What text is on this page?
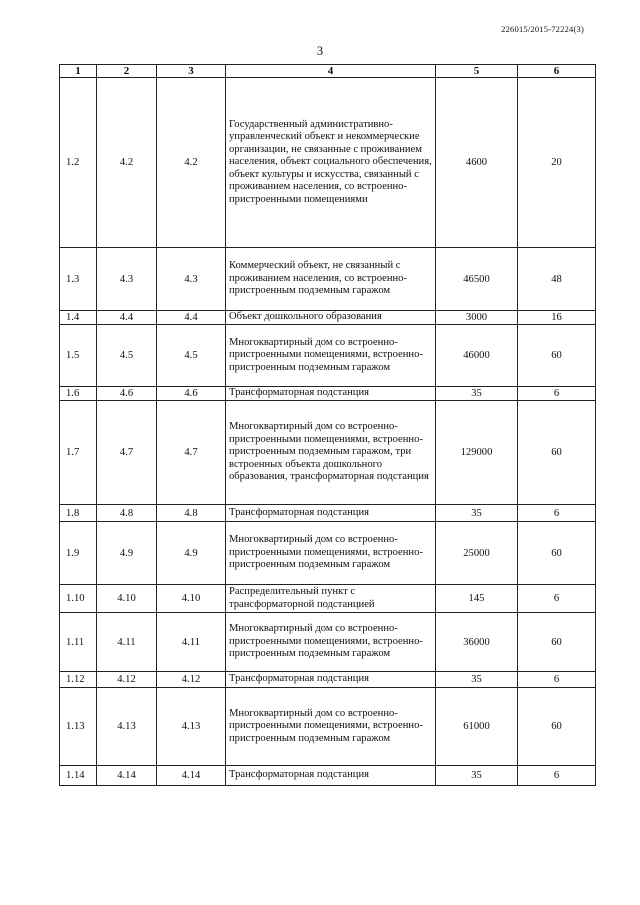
226015/2015-72224(3)
3
1	2	3	4	5	6
1.2	4.2	4.2	Государственный административно-управленческий объект и некоммерческие организации, не связанные с проживанием населения, объект социального обеспечения, объект культуры и искусства, связанный с проживанием населения, со встроенно-пристроенными помещениями	4600	20
1.3	4.3	4.3	Коммерческий объект, не связанный с проживанием населения, со встроенно-пристроенным подземным гаражом	46500	48
1.4	4.4	4.4	Объект дошкольного образования	3000	16
1.5	4.5	4.5	Многоквартирный дом со встроенно-пристроенными помещениями, встроенно-пристроенным подземным гаражом	46000	60
1.6	4.6	4.6	Трансформаторная подстанция	35	6
1.7	4.7	4.7	Многоквартирный дом со встроенно-пристроенными помещениями, встроенно-пристроенным подземным гаражом, три встроенных объекта дошкольного образования, трансформаторная подстанция	129000	60
1.8	4.8	4.8	Трансформаторная подстанция	35	6
1.9	4.9	4.9	Многоквартирный дом со встроенно-пристроенными помещениями, встроенно-пристроенным подземным гаражом	25000	60
1.10	4.10	4.10	Распределительный пункт с трансформаторной подстанцией	145	6
1.11	4.11	4.11	Многоквартирный дом со встроенно-пристроенными помещениями, встроенно-пристроенным подземным гаражом	36000	60
1.12	4.12	4.12	Трансформаторная подстанция	35	6
1.13	4.13	4.13	Многоквартирный дом со встроенно-пристроенными помещениями, встроенно-пристроенным подземным гаражом	61000	60
1.14	4.14	4.14	Трансформаторная подстанция	35	6
